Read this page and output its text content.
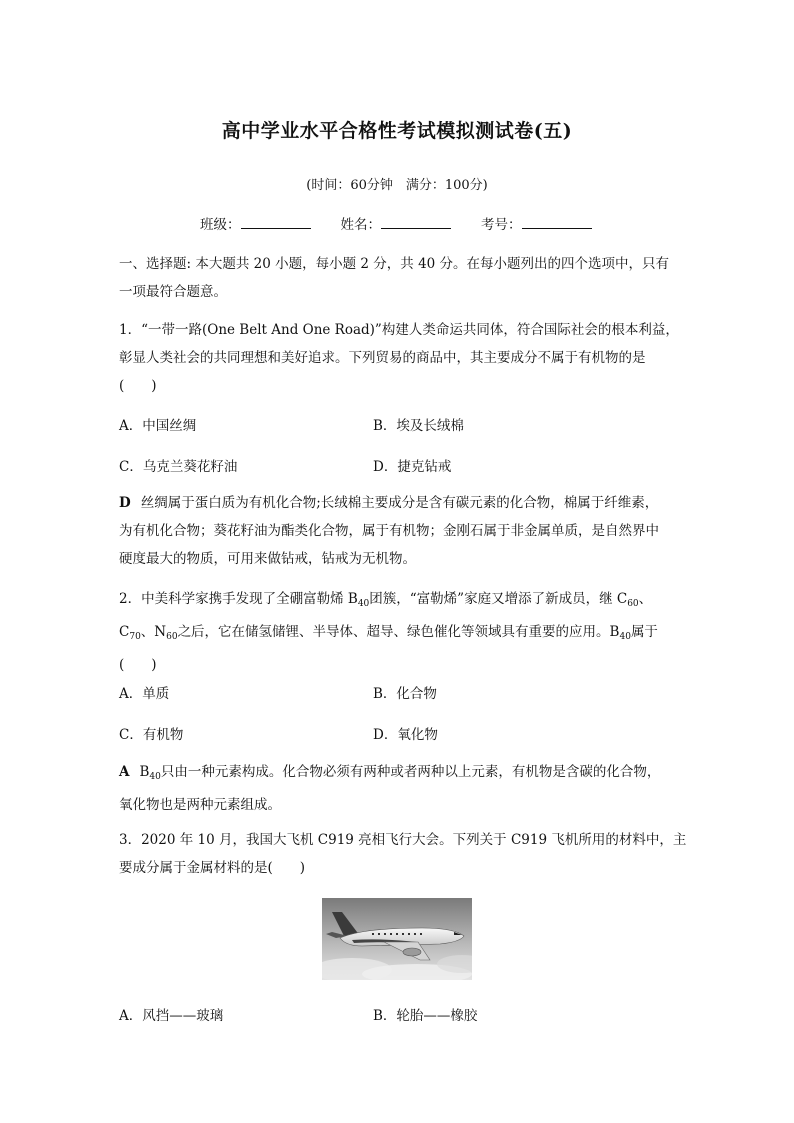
高中学业水平合格性考试模拟测试卷(五)
(时间：60分钟　满分：100分)
班级：	姓名：	考号：
一、选择题: 本大题共 20 小题，每小题 2 分，共 40 分。在每小题列出的四个选项中，只有
一项最符合题意。
1．“一带一路(One Belt And One Road)”构建人类命运共同体，符合国际社会的根本利益，
彰显人类社会的共同理想和美好追求。下列贸易的商品中，其主要成分不属于有机物的是
(　　)
A．中国丝绸	B．埃及长绒棉
C．乌克兰葵花籽油	D．捷克钻戒
D 丝绸属于蛋白质为有机化合物;长绒棉主要成分是含有碳元素的化合物，棉属于纤维素，
为有机化合物；葵花籽油为酯类化合物，属于有机物；金刚石属于非金属单质，是自然界中
硬度最大的物质，可用来做钻戒，钻戒为无机物。
2．中美科学家携手发现了全硼富勒烯 $B_{40}$团簇，“富勒烯”家庭又增添了新成员，继 $C_{60}$、
$C_{70}$、$N_{60}$之后，它在储氢储锂、半导体、超导、绿色催化等领域具有重要的应用。$B_{40}$属于
(　　)
A．单质	B．化合物
C．有机物	D．氧化物
A $B_{40}$只由一种元素构成。化合物必须有两种或者两种以上元素，有机物是含碳的化合物，
氧化物也是两种元素组成。
3．2020 年 10 月，我国大飞机 C919 亮相飞行大会。下列关于 C919 飞机所用的材料中，主
要成分属于金属材料的是(　　)
A．风挡——玻璃	B．轮胎——橡胶
